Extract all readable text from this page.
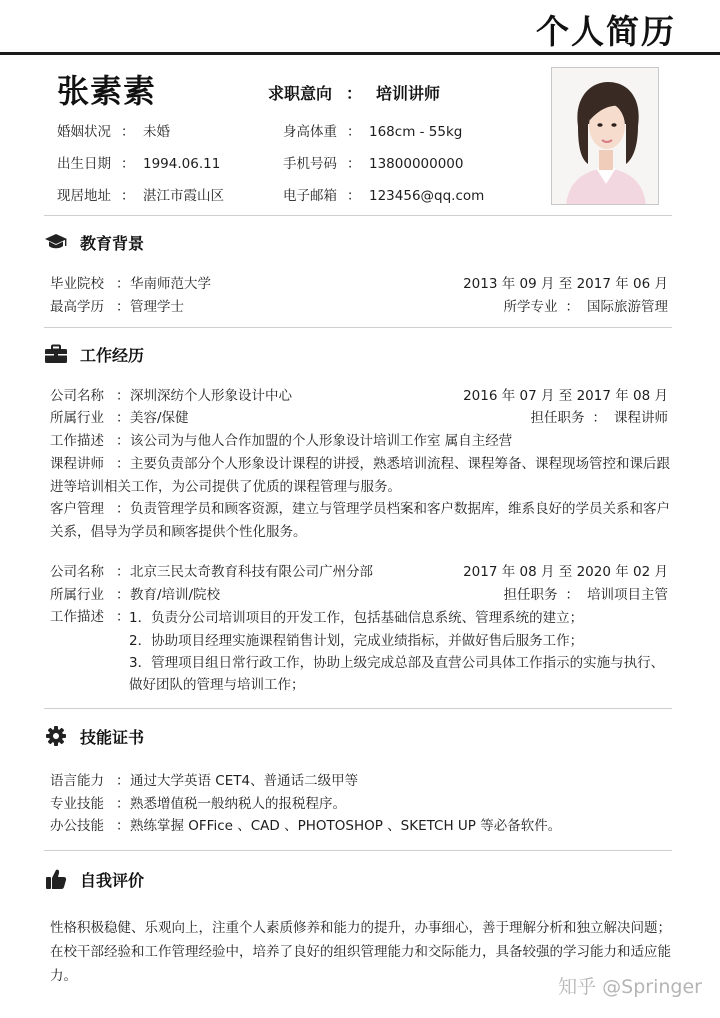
个人简历
张素素	求职意向 ： 培训讲师
婚姻状况 ： 未婚	身高体重 ： 168cm - 55kg
出生日期 ： 1994.06.11	手机号码 ： 13800000000
现居地址 ： 湛江市霞山区	电子邮箱 ： 123456@qq.com
教育背景
毕业院校 ：华南师范大学	2013 年 09 月 至 2017 年 06 月
最高学历 ：管理学士	所学专业 ： 国际旅游管理
工作经历
公司名称 ：深圳深纺个人形象设计中心	2016 年 07 月 至 2017 年 08 月
所属行业 ：美容/保健	担任职务 ： 课程讲师
工作描述 ：该公司为与他人合作加盟的个人形象设计培训工作室 属自主经营
课程讲师 ：主要负责部分个人形象设计课程的讲授，熟悉培训流程、课程筹备、课程现场管控和课后跟进等培训相关工作，为公司提供了优质的课程管理与服务。
客户管理 ：负责管理学员和顾客资源，建立与管理学员档案和客户数据库，维系良好的学员关系和客户关系，倡导为学员和顾客提供个性化服务。
公司名称 ：北京三民太奇教育科技有限公司广州分部	2017 年 08 月 至 2020 年 02 月
所属行业 ：教育/培训/院校	担任职务 ： 培训项目主管
工作描述 ： 1．负责分公司培训项目的开发工作，包括基础信息系统、管理系统的建立；
2．协助项目经理实施课程销售计划，完成业绩指标，并做好售后服务工作；
3．管理项目组日常行政工作，协助上级完成总部及直营公司具体工作指示的实施与执行、 做好团队的管理与培训工作；
技能证书
语言能力 ：通过大学英语 CET4、普通话二级甲等
专业技能 ：熟悉增值税一般纳税人的报税程序。
办公技能 ：熟练掌握 OFFice 、CAD 、PHOTOSHOP 、SKETCH UP 等必备软件。
自我评价
性格积极稳健、乐观向上，注重个人素质修养和能力的提升，办事细心，善于理解分析和独立解决问题；在校干部经验和工作管理经验中，培养了良好的组织管理能力和交际能力，具备较强的学习能力和适应能力。	知乎 @Springer
